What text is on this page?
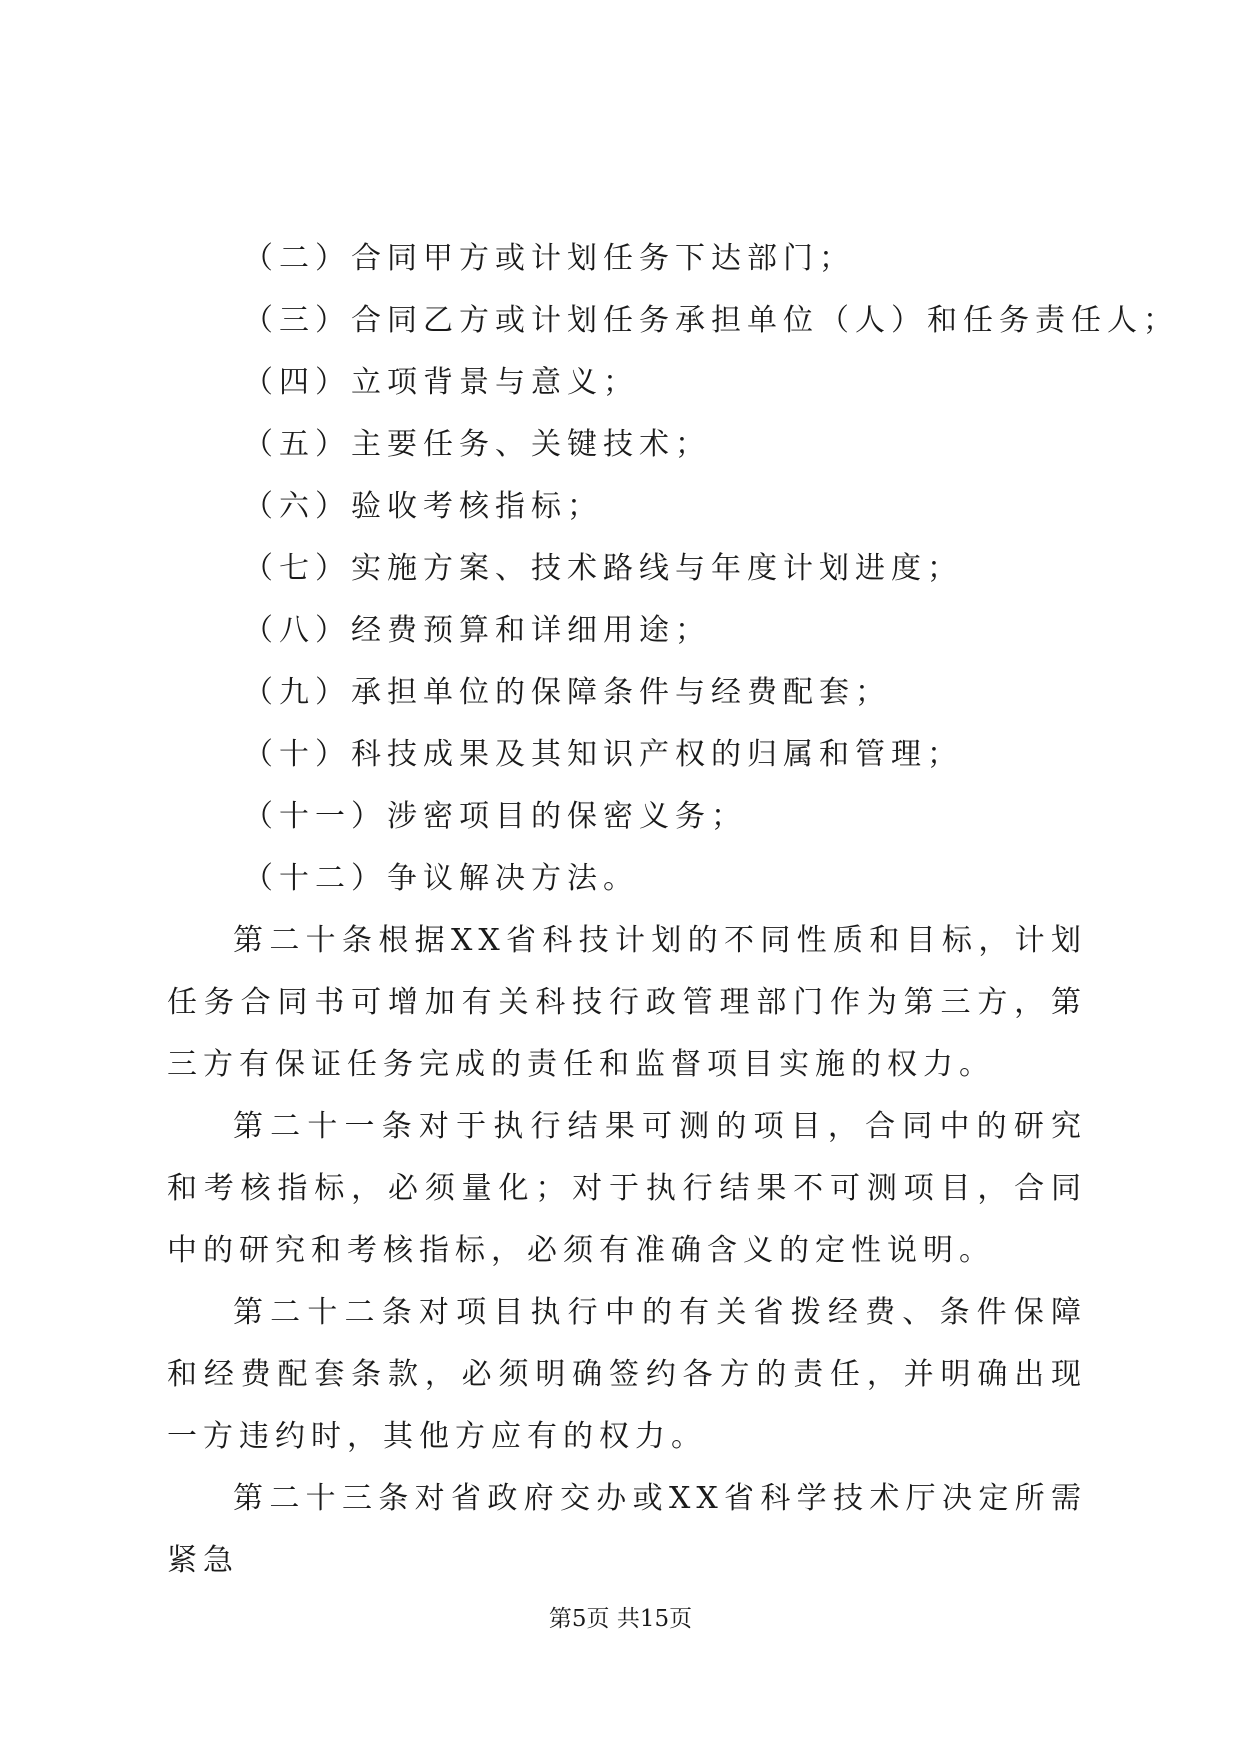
（二）合同甲方或计划任务下达部门；
（三）合同乙方或计划任务承担单位（人）和任务责任人；
（四）立项背景与意义；
（五）主要任务、关键技术；
（六）验收考核指标；
（七）实施方案、技术路线与年度计划进度；
（八）经费预算和详细用途；
（九）承担单位的保障条件与经费配套；
（十）科技成果及其知识产权的归属和管理；
（十一）涉密项目的保密义务；
（十二）争议解决方法。

第二十条根据XX省科技计划的不同性质和目标，计划任务合同书可增加有关科技行政管理部门作为第三方，第三方有保证任务完成的责任和监督项目实施的权力。

第二十一条对于执行结果可测的项目，合同中的研究和考核指标，必须量化；对于执行结果不可测项目，合同中的研究和考核指标，必须有准确含义的定性说明。

第二十二条对项目执行中的有关省拨经费、条件保障和经费配套条款，必须明确签约各方的责任，并明确出现一方违约时，其他方应有的权力。

第二十三条对省政府交办或XX省科学技术厅决定所需紧急

第5页 共15页
